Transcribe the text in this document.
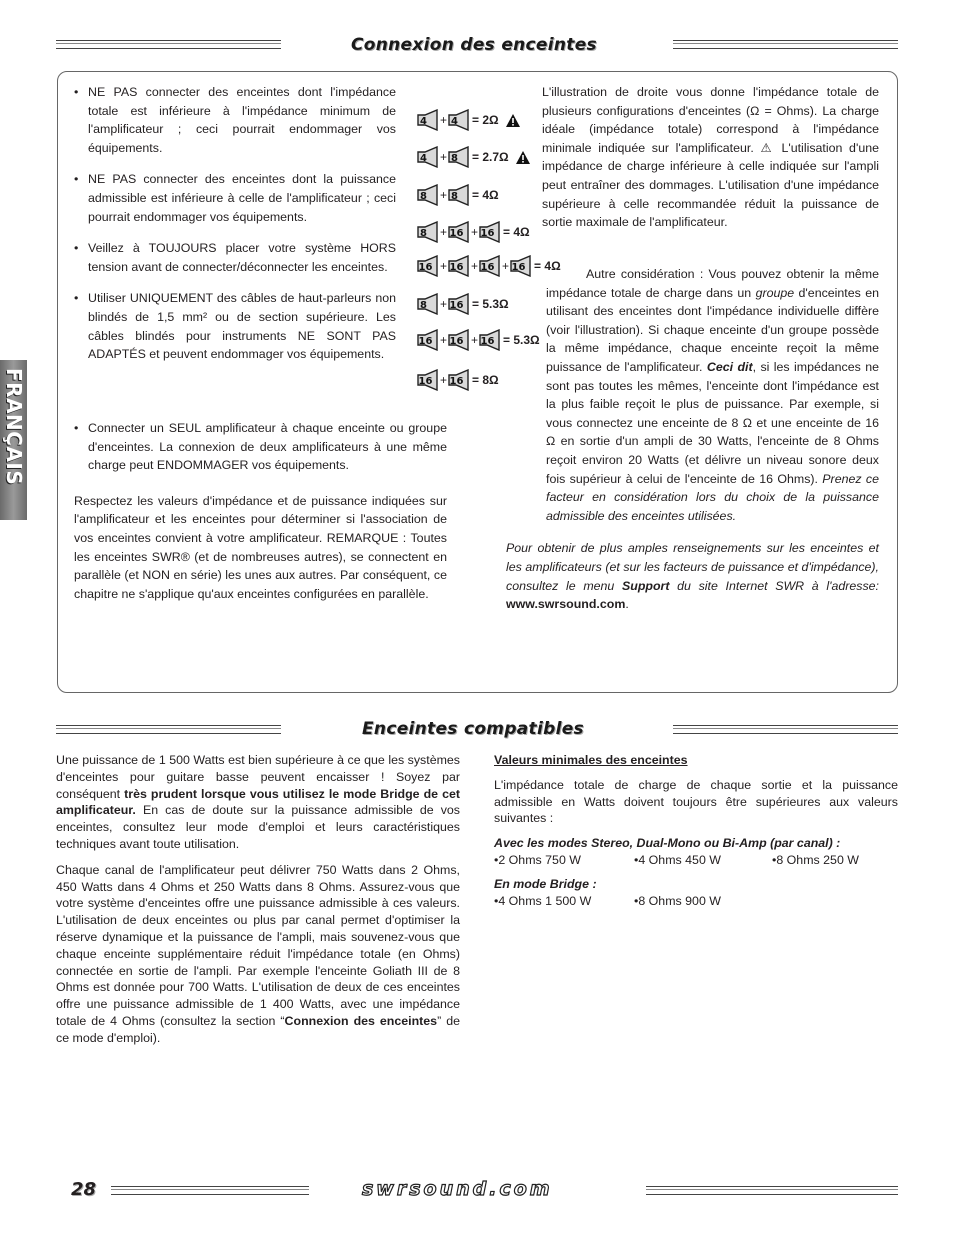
Connexion des enceintes
FRANÇAIS
• NE PAS connecter des enceintes dont l'impédance totale est inférieure à l'impédance minimum de l'amplificateur ; ceci pourrait endommager vos équipements.
• NE PAS connecter des enceintes dont la puissance admissible est inférieure à celle de l'amplificateur ; ceci pourrait endommager vos équipements.
• Veillez à TOUJOURS placer votre système HORS tension avant de connecter/déconnecter les enceintes.
• Utiliser UNIQUEMENT des câbles de haut-parleurs non blindés de 1,5 mm² ou de section supérieure. Les câbles blindés pour instruments NE SONT PAS ADAPTÉS et peuvent endommager vos équipements.
• Connecter un SEUL amplificateur à chaque enceinte ou groupe d'enceintes. La connexion de deux amplificateurs à une même charge peut ENDOMMAGER vos équipements.

Respectez les valeurs d'impédance et de puissance indiquées sur l'amplificateur et les enceintes pour déterminer si l'association de vos enceintes convient à votre amplificateur. REMARQUE : Toutes les enceintes SWR® (et de nombreuses autres), se connectent en parallèle (et NON en série) les unes aux autres. Par conséquent, ce chapitre ne s'applique qu'aux enceintes configurées en parallèle.

4 + 4 = 2Ω
4 + 8 = 2.7Ω
8 + 8 = 4Ω
8 + 16 + 16 = 4Ω
16 + 16 + 16 + 16 = 4Ω
8 + 16 = 5.3Ω
16 + 16 + 16 = 5.3Ω
16 + 16 = 8Ω

L'illustration de droite vous donne l'impédance totale de plusieurs configurations d'enceintes (Ω = Ohms). La charge idéale (impédance totale) correspond à l'impédance minimale indiquée sur l'amplificateur. ⚠ L'utilisation d'une impédance de charge inférieure à celle indiquée sur l'ampli peut entraîner des dommages. L'utilisation d'une impédance supérieure à celle recommandée réduit la puissance de sortie maximale de l'amplificateur.

Autre considération : Vous pouvez obtenir la même impédance totale de charge dans un groupe d'enceintes en utilisant des enceintes dont l'impédance individuelle diffère (voir l'illustration). Si chaque enceinte d'un groupe possède la même impédance, chaque enceinte reçoit la même puissance de l'amplificateur. Ceci dit, si les impédances ne sont pas toutes les mêmes, l'enceinte dont l'impédance est la plus faible reçoit le plus de puissance. Par exemple, si vous connectez une enceinte de 8 Ω et une enceinte de 16 Ω en sortie d'un ampli de 30 Watts, l'enceinte de 8 Ohms reçoit environ 20 Watts (et délivre un niveau sonore deux fois supérieur à celui de l'enceinte de 16 Ohms). Prenez ce facteur en considération lors du choix de la puissance admissible des enceintes utilisées.

Pour obtenir de plus amples renseignements sur les enceintes et les amplificateurs (et sur les facteurs de puissance et d'impédance), consultez le menu Support du site Internet SWR à l'adresse: www.swrsound.com.

Enceintes compatibles

Une puissance de 1 500 Watts est bien supérieure à ce que les systèmes d'enceintes pour guitare basse peuvent encaisser ! Soyez par conséquent très prudent lorsque vous utilisez le mode Bridge de cet amplificateur. En cas de doute sur la puissance admissible de vos enceintes, consultez leur mode d'emploi et leurs caractéristiques techniques avant toute utilisation.

Chaque canal de l'amplificateur peut délivrer 750 Watts dans 2 Ohms, 450 Watts dans 4 Ohms et 250 Watts dans 8 Ohms. Assurez-vous que votre système d'enceintes offre une puissance admissible à ces valeurs. L'utilisation de deux enceintes ou plus par canal permet d'optimiser la réserve dynamique et la puissance de l'ampli, mais souvenez-vous que chaque enceinte supplémentaire réduit l'impédance totale (en Ohms) connectée en sortie de l'ampli. Par exemple l'enceinte Goliath III de 8 Ohms est donnée pour 700 Watts. L'utilisation de deux de ces enceintes offre une puissance admissible de 1 400 Watts, avec une impédance totale de 4 Ohms (consultez la section “Connexion des enceintes” de ce mode d'emploi).

Valeurs minimales des enceintes

L'impédance totale de charge de chaque sortie et la puissance admissible en Watts doivent toujours être supérieures aux valeurs suivantes :

Avec les modes Stereo, Dual-Mono ou Bi-Amp (par canal) :

•2 Ohms 750 W	•4 Ohms 450 W	•8 Ohms 250 W

En mode Bridge :

•4 Ohms 1 500 W	•8 Ohms 900 W
28	swrsound.com
